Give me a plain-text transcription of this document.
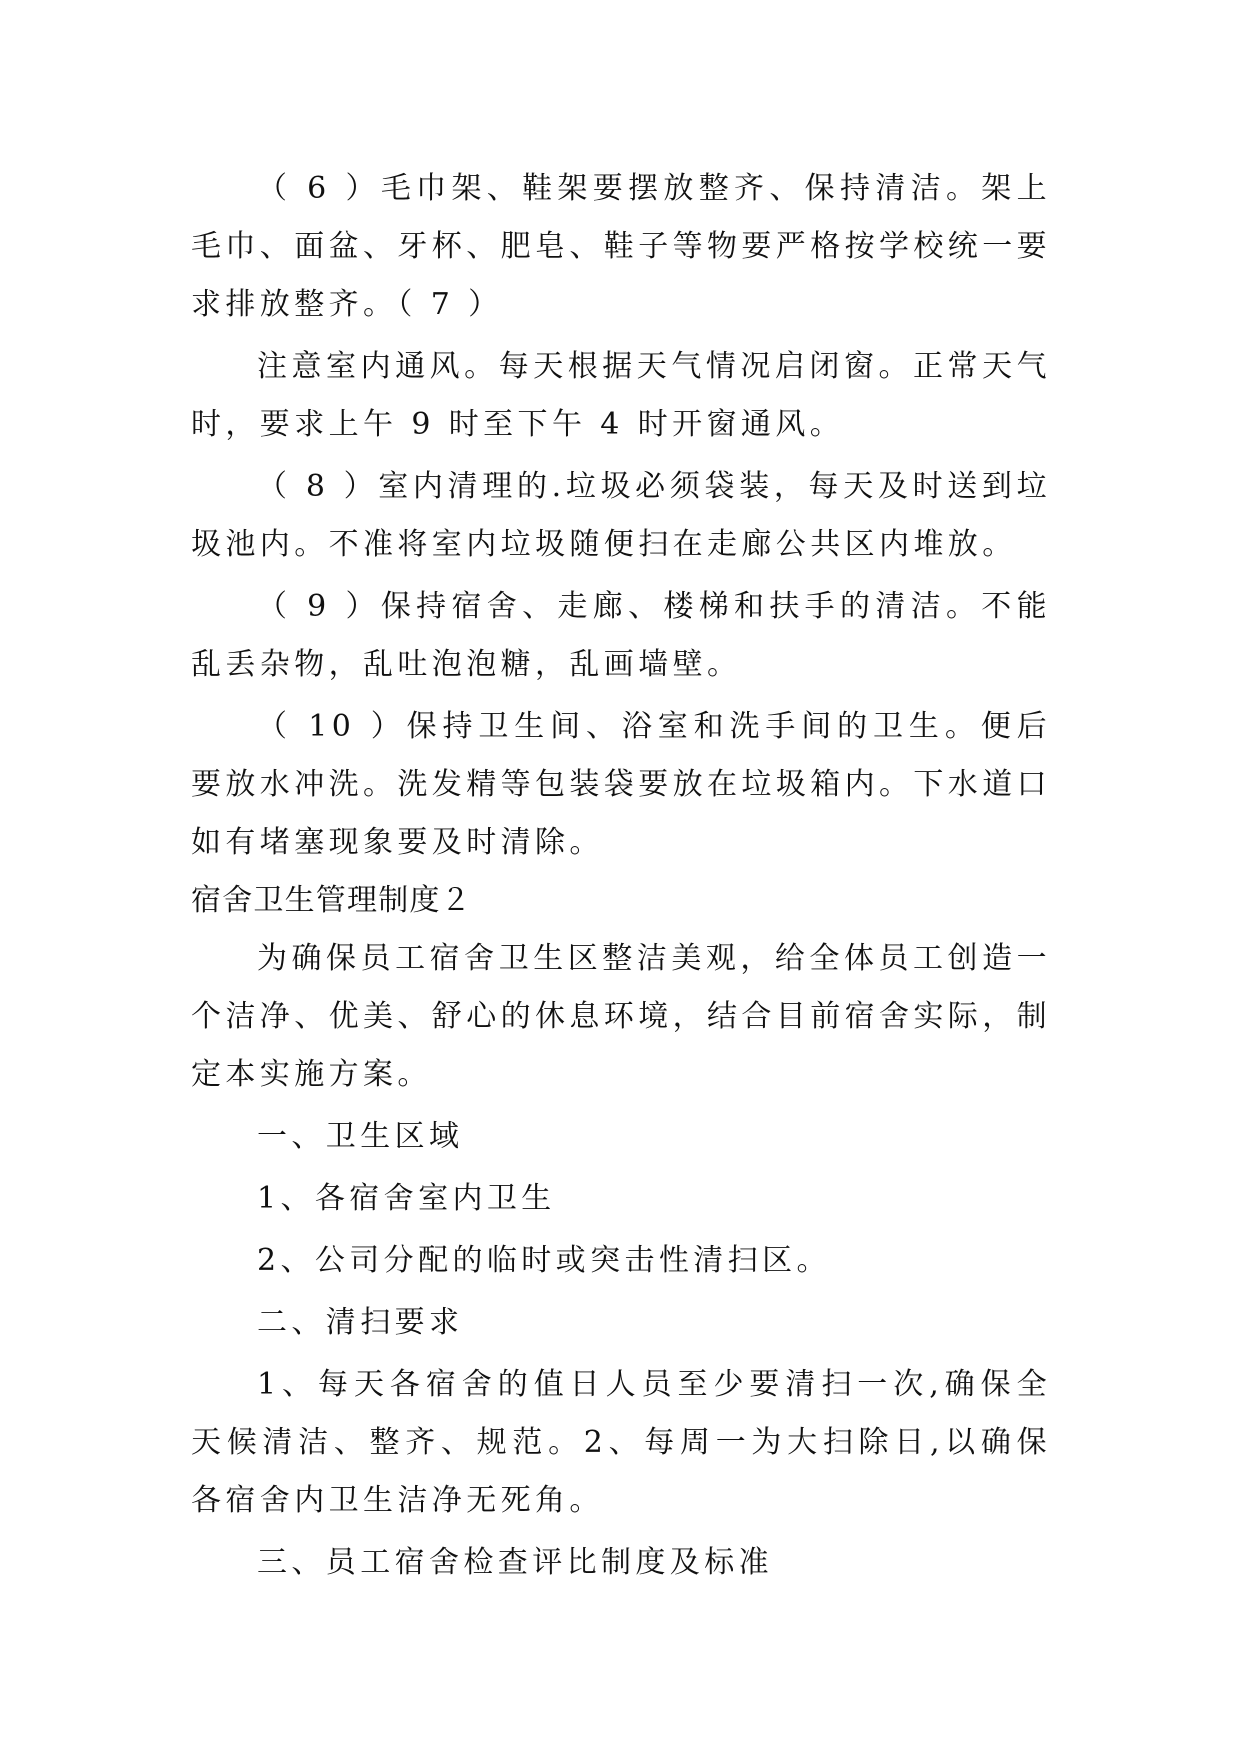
（ 6 ）毛巾架、鞋架要摆放整齐、保持清洁。架上毛巾、面盆、牙杯、肥皂、鞋子等物要严格按学校统一要求排放整齐。（ 7 ）

注意室内通风。每天根据天气情况启闭窗。正常天气时，要求上午 9 时至下午 4 时开窗通风。

（ 8 ）室内清理的.垃圾必须袋装，每天及时送到垃圾池内。不准将室内垃圾随便扫在走廊公共区内堆放。

（ 9 ）保持宿舍、走廊、楼梯和扶手的清洁。不能乱丢杂物，乱吐泡泡糖，乱画墙壁。

（ 10 ）保持卫生间、浴室和洗手间的卫生。便后要放水冲洗。洗发精等包装袋要放在垃圾箱内。下水道口如有堵塞现象要及时清除。

宿舍卫生管理制度２

为确保员工宿舍卫生区整洁美观，给全体员工创造一个洁净、优美、舒心的休息环境，结合目前宿舍实际，制定本实施方案。

一、卫生区域

1、各宿舍室内卫生

2、公司分配的临时或突击性清扫区。

二、清扫要求

1、每天各宿舍的值日人员至少要清扫一次,确保全天候清洁、整齐、规范。2、每周一为大扫除日,以确保各宿舍内卫生洁净无死角。

三、员工宿舍检查评比制度及标准
